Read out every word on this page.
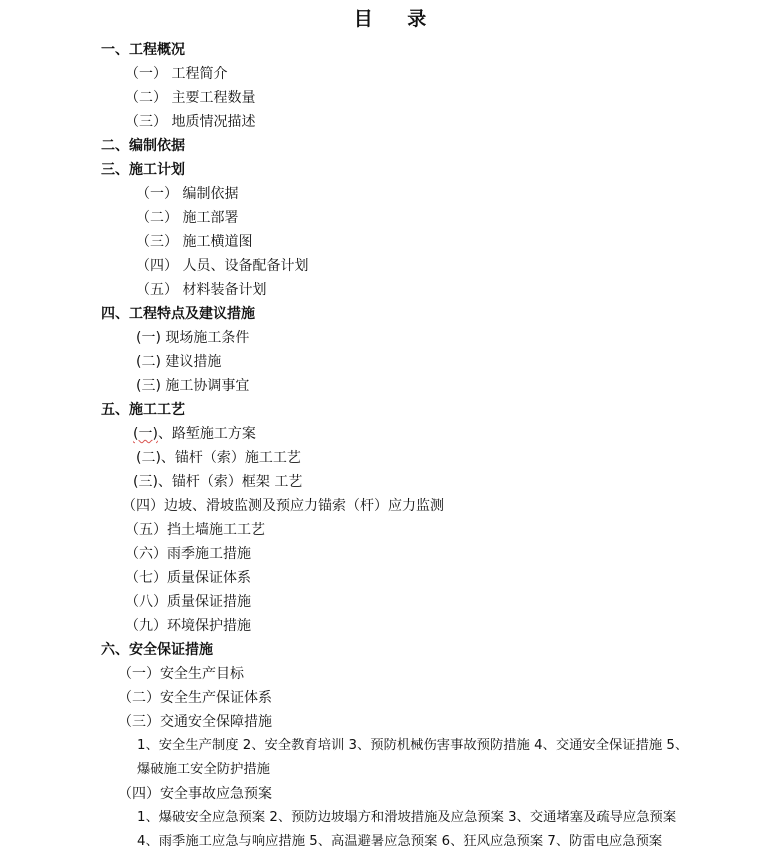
目 录
一、工程概况
（一） 工程简介
（二） 主要工程数量
（三） 地质情况描述
二、编制依据
三、施工计划
（一） 编制依据
（二） 施工部署
（三） 施工横道图
（四） 人员、设备配备计划
（五） 材料装备计划
四、工程特点及建议措施
(一) 现场施工条件
(二) 建议措施
(三) 施工协调事宜
五、施工工艺
(一)、路堑施工方案
(二)、锚杆（索）施工工艺
(三)、锚杆（索）框架 工艺
（四）边坡、滑坡监测及预应力锚索（杆）应力监测
（五）挡土墙施工工艺
（六）雨季施工措施
（七）质量保证体系
（八）质量保证措施
（九）环境保护措施
六、安全保证措施
（一）安全生产目标
（二）安全生产保证体系
（三）交通安全保障措施
1、安全生产制度 2、安全教育培训 3、预防机械伤害事故预防措施 4、交通安全保证措施 5、
爆破施工安全防护措施
（四）安全事故应急预案
1、爆破安全应急预案 2、预防边坡塌方和滑坡措施及应急预案 3、交通堵塞及疏导应急预案
4、雨季施工应急与响应措施 5、高温避暑应急预案 6、狂风应急预案 7、防雷电应急预案
